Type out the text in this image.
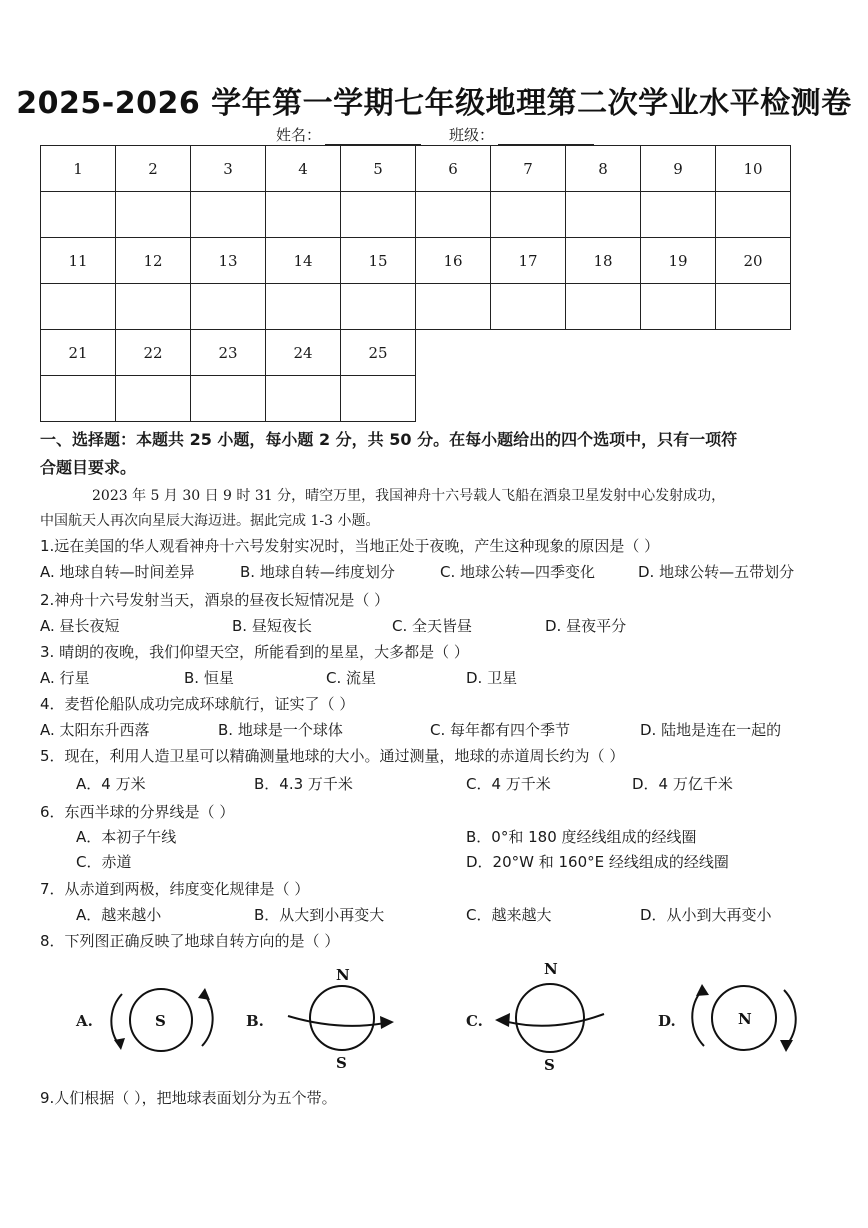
2025-2026 学年第一学期七年级地理第二次学业水平检测卷
姓名：	班级：
1	2	3	4	5	6	7	8	9	10

11	12	13	14	15	16	17	18	19	20

21	22	23	24	25					

一、选择题：本题共 25 小题，每小题 2 分，共 50 分。在每小题给出的四个选项中，只有一项符
合题目要求。
2023 年 5 月 30 日 9 时 31 分，晴空万里，我国神舟十六号载人飞船在酒泉卫星发射中心发射成功，
中国航天人再次向星辰大海迈进。据此完成 1-3 小题。
1.远在美国的华人观看神舟十六号发射实况时，当地正处于夜晚，产生这种现象的原因是（ ）
A. 地球自转—时间差异	B. 地球自转—纬度划分	C. 地球公转—四季变化	D. 地球公转—五带划分
2.神舟十六号发射当天，酒泉的昼夜长短情况是（ ）
A. 昼长夜短	B. 昼短夜长	C. 全天皆昼	D. 昼夜平分
3. 晴朗的夜晚，我们仰望天空，所能看到的星星，大多都是（ ）
A. 行星	B. 恒星	C. 流星	D. 卫星
4．麦哲伦船队成功完成环球航行，证实了（ ）
A. 太阳东升西落	B. 地球是一个球体	C. 每年都有四个季节	D. 陆地是连在一起的
5．现在，利用人造卫星可以精确测量地球的大小。通过测量，地球的赤道周长约为（ ）
A．4 万米	B．4.3 万千米	C．4 万千米	D．4 万亿千米
6．东西半球的分界线是（ ）
A．本初子午线	B．0°和 180 度经线组成的经线圈
C．赤道	D．20°W 和 160°E 经线组成的经线圈
7．从赤道到两极，纬度变化规律是（ ）
A．越来越小	B．从大到小再变大	C．越来越大	D．从小到大再变小
8．下列图正确反映了地球自转方向的是（ ）
A.	S	B.
N
S
C.
N
S
D.	N
9.人们根据（ ），把地球表面划分为五个带。
